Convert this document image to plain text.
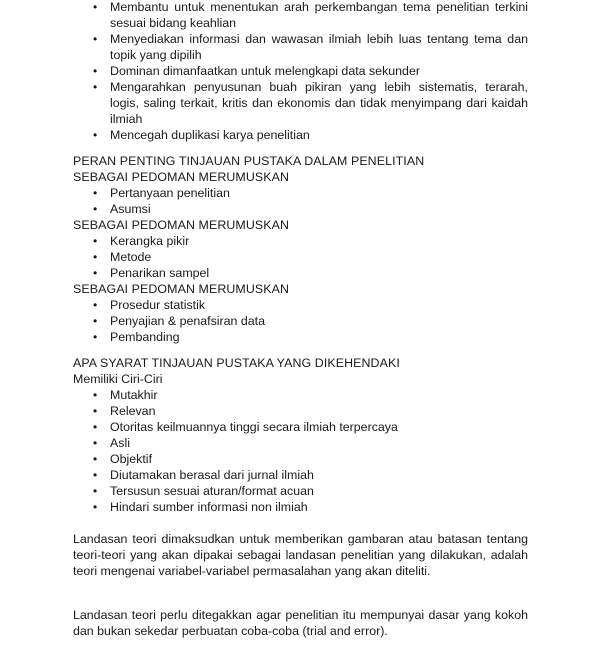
• Membantu untuk menentukan arah perkembangan tema penelitian terkini sesuai bidang keahlian
• Menyediakan informasi dan wawasan ilmiah lebih luas tentang tema dan topik yang dipilih
• Dominan dimanfaatkan untuk melengkapi data sekunder
• Mengarahkan penyusunan buah pikiran yang lebih sistematis, terarah, logis, saling terkait, kritis dan ekonomis dan tidak menyimpang dari kaidah ilmiah
• Mencegah duplikasi karya penelitian
PERAN PENTING TINJAUAN PUSTAKA DALAM PENELITIAN
SEBAGAI PEDOMAN MERUMUSKAN
• Pertanyaan penelitian
• Asumsi
SEBAGAI PEDOMAN MERUMUSKAN
• Kerangka pikir
• Metode
• Penarikan sampel
SEBAGAI PEDOMAN MERUMUSKAN
• Prosedur statistik
• Penyajian & penafsiran data
• Pembanding
APA SYARAT TINJAUAN PUSTAKA YANG DIKEHENDAKI
Memiliki Ciri-Ciri
• Mutakhir
• Relevan
• Otoritas keilmuannya tinggi secara ilmiah terpercaya
• Asli
• Objektif
• Diutamakan berasal dari jurnal ilmiah
• Tersusun sesuai aturan/format acuan
• Hindari sumber informasi non ilmiah

Landasan teori dimaksudkan untuk memberikan gambaran atau batasan tentang teori-teori yang akan dipakai sebagai landasan penelitian yang dilakukan, adalah teori mengenai variabel-variabel permasalahan yang akan diteliti.

Landasan teori perlu ditegakkan agar penelitian itu mempunyai dasar yang kokoh dan bukan sekedar perbuatan coba-coba (trial and error).
